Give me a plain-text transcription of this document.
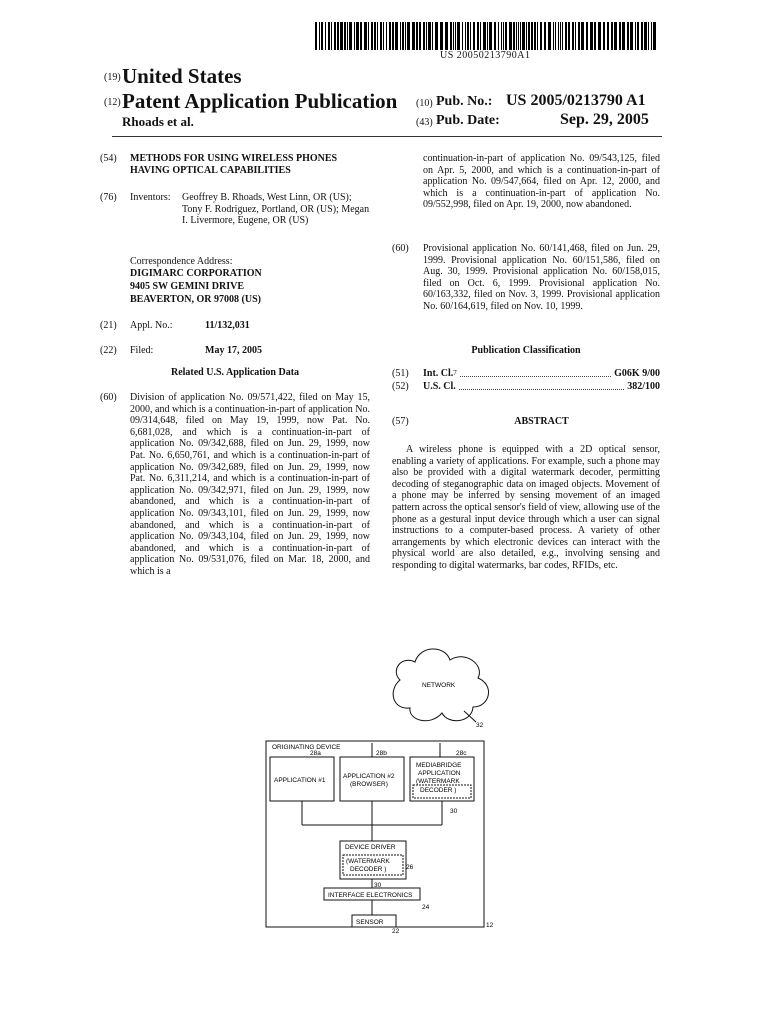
US 20050213790A1
(19) United States
(12) Patent Application Publication
Rhoads et al.
(10) Pub. No.: US 2005/0213790 A1
(43) Pub. Date:	Sep. 29, 2005
(54) METHODS FOR USING WIRELESS PHONES HAVING OPTICAL CAPABILITIES
(76) Inventors: Geoffrey B. Rhoads, West Linn, OR (US); Tony F. Rodriguez, Portland, OR (US); Megan I. Livermore, Eugene, OR (US)
Correspondence Address:
DIGIMARC CORPORATION
9405 SW GEMINI DRIVE
BEAVERTON, OR 97008 (US)
(21) Appl. No.:	11/132,031
(22) Filed:	May 17, 2005
Related U.S. Application Data
(60) Division of application No. 09/571,422, filed on May 15, 2000, and which is a continuation-in-part of application No. 09/314,648, filed on May 19, 1999, now Pat. No. 6,681,028, and which is a continuation-in-part of application No. 09/342,688, filed on Jun. 29, 1999, now Pat. No. 6,650,761, and which is a continuation-in-part of application No. 09/342,689, filed on Jun. 29, 1999, now Pat. No. 6,311,214, and which is a continuation-in-part of application No. 09/342,971, filed on Jun. 29, 1999, now abandoned, and which is a continuation-in-part of application No. 09/343,101, filed on Jun. 29, 1999, now abandoned, and which is a continuation-in-part of application No. 09/343,104, filed on Jun. 29, 1999, now abandoned, and which is a continuation-in-part of application No. 09/531,076, filed on Mar. 18, 2000, and which is a
continuation-in-part of application No. 09/543,125, filed on Apr. 5, 2000, and which is a continuation-in-part of application No. 09/547,664, filed on Apr. 12, 2000, and which is a continuation-in-part of application No. 09/552,998, filed on Apr. 19, 2000, now abandoned.
(60) Provisional application No. 60/141,468, filed on Jun. 29, 1999. Provisional application No. 60/151,586, filed on Aug. 30, 1999. Provisional application No. 60/158,015, filed on Oct. 6, 1999. Provisional application No. 60/163,332, filed on Nov. 3, 1999. Provisional application No. 60/164,619, filed on Nov. 10, 1999.
Publication Classification
(51) Int. Cl. 7	G06K 9/00
(52) U.S. Cl.	382/100
(57)	ABSTRACT
A wireless phone is equipped with a 2D optical sensor, enabling a variety of applications. For example, such a phone may also be provided with a digital watermark decoder, permitting decoding of steganographic data on imaged objects. Movement of a phone may be inferred by sensing movement of an imaged pattern across the optical sensor's field of view, allowing use of the phone as a gestural input device through which a user can signal instructions to a computer-based process. A variety of other arrangements by which electronic devices can interact with the physical world are also detailed, e.g., involving sensing and responding to digital watermarks, bar codes, RFIDs, etc.
NETWORK
32
ORIGINATING DEVICE
28a	28b	28c
APPLICATION #1
APPLICATION #2
(BROWSER)
MEDIABRIDGE
APPLICATION
(WATERMARK
DECODER )
30
DEVICE DRIVER
(WATERMARK
DECODER )	26
30
INTERFACE ELECTRONICS
24
SENSOR
22
12
